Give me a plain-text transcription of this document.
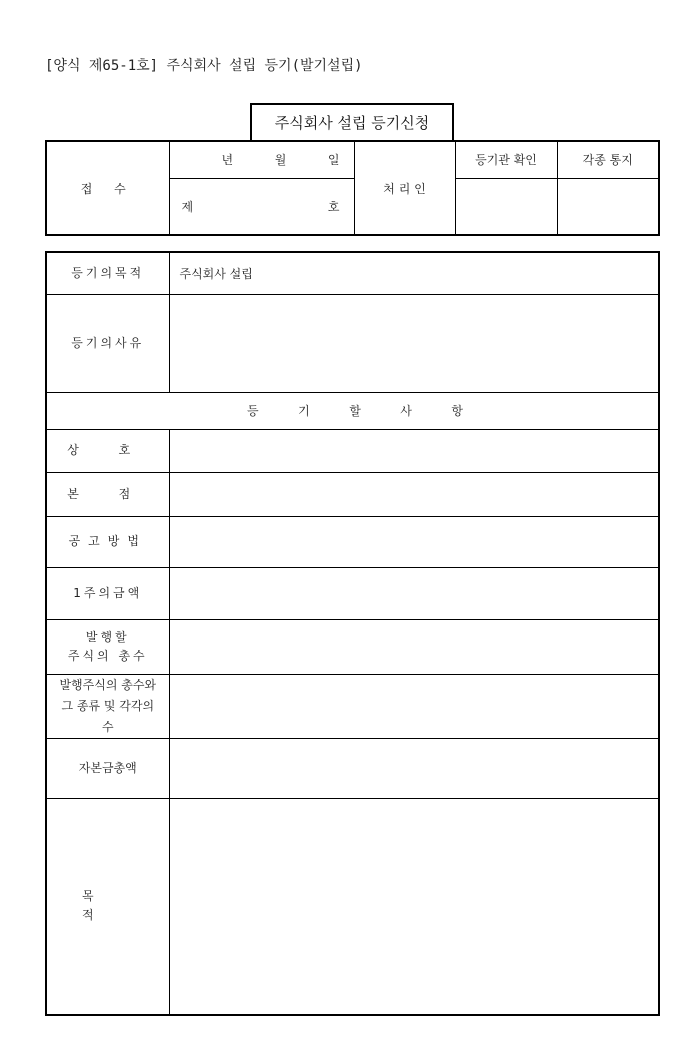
[양식 제65-1호] 주식회사 설립 등기(발기설립)
주식회사 설립 등기신청
접 수	년 월 일	처 리 인	등기관 확인	각종 통지

	제 호			

등기의목적	주식회사 설립
등기의사유	

등 기 할 사 항	

상 호	
본 점	
공고방법	
1주의금액	

발행할
주식의 총수	

발행주식의 총수와
그 종류 및 각각의
수	

자본금총액	
목 적	
